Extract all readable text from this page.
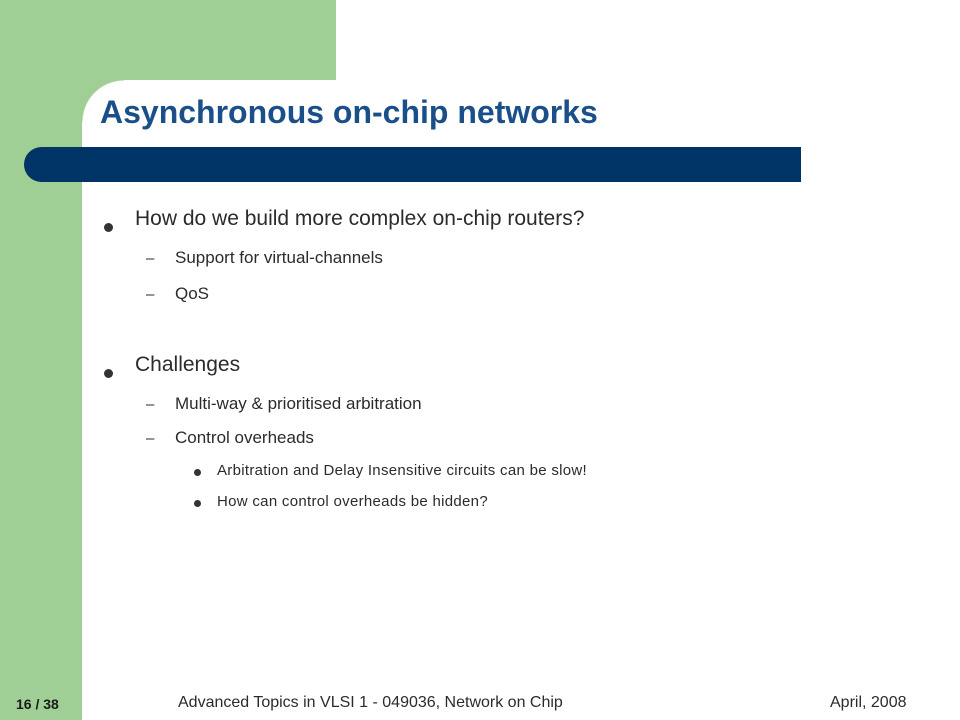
Asynchronous on-chip networks
How do we build more complex on-chip routers?
– Support for virtual-channels
– QoS
Challenges
– Multi-way & prioritised arbitration
– Control overheads
Arbitration and Delay Insensitive circuits can be slow!
How can control overheads be hidden?
16 / 38	Advanced Topics in VLSI 1 - 049036, Network on Chip	April, 2008
